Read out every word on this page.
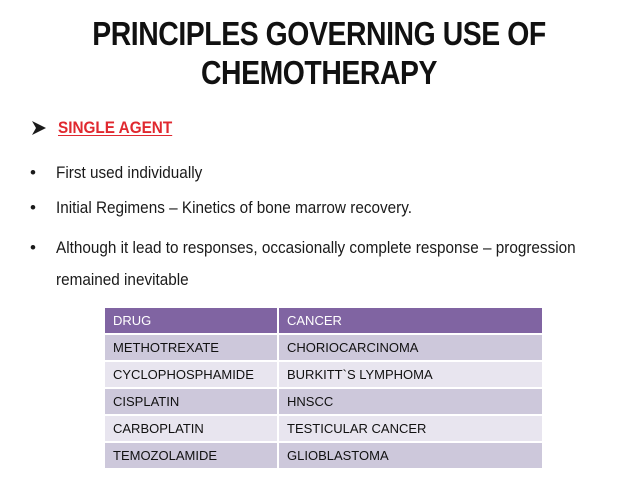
PRINCIPLES GOVERNING USE OF
CHEMOTHERAPY
SINGLE AGENT
•	First used individually
•	Initial Regimens – Kinetics of bone marrow recovery.
•	Although it lead to responses, occasionally complete response – progression
remained inevitable
DRUG	CANCER
METHOTREXATE	CHORIOCARCINOMA
CYCLOPHOSPHAMIDE	BURKITT`S LYMPHOMA
CISPLATIN	HNSCC
CARBOPLATIN	TESTICULAR CANCER
TEMOZOLAMIDE	GLIOBLASTOMA
